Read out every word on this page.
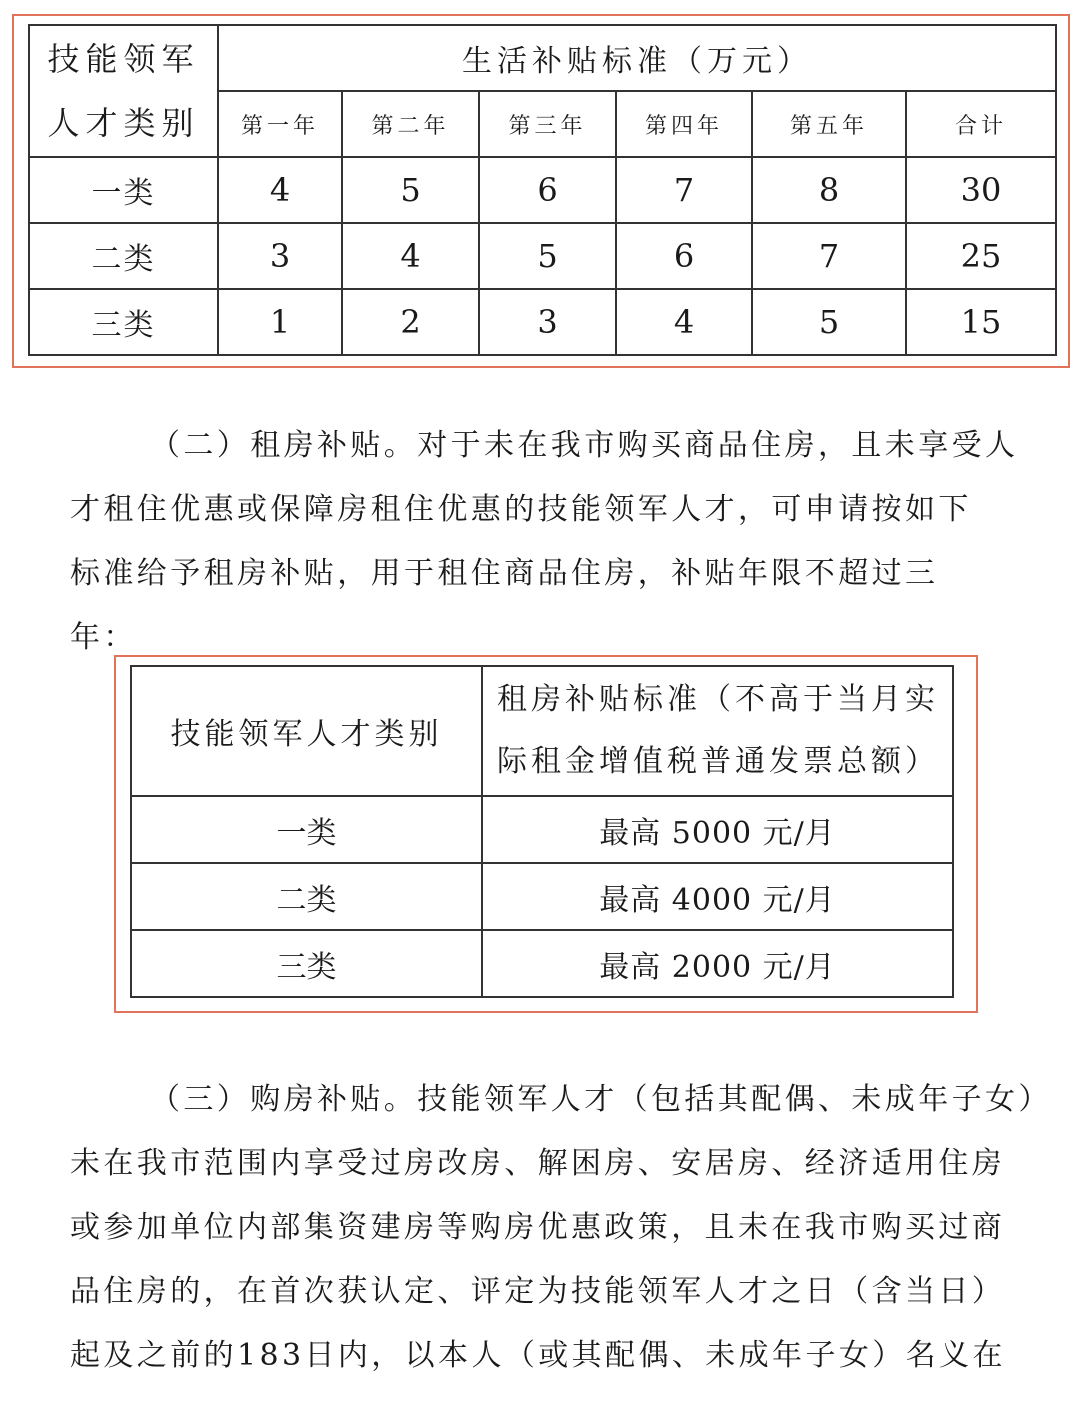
技能领军
人才类别	生活补贴标准（万元）					
	第一年	第二年	第三年	第四年	第五年	合计
一类	4	5	6	7	8	30
二类	3	4	5	6	7	25
三类	1	2	3	4	5	15
（二）租房补贴。对于未在我市购买商品住房，且未享受人
才租住优惠或保障房租住优惠的技能领军人才，可申请按如下
标准给予租房补贴，用于租住商品住房，补贴年限不超过三
年：
技能领军人才类别	租房补贴标准（不高于当月实
际租金增值税普通发票总额）
一类	最高 5000 元/月
二类	最高 4000 元/月
三类	最高 2000 元/月
（三）购房补贴。技能领军人才（包括其配偶、未成年子女）
未在我市范围内享受过房改房、解困房、安居房、经济适用住房
或参加单位内部集资建房等购房优惠政策，且未在我市购买过商
品住房的，在首次获认定、评定为技能领军人才之日（含当日）
起及之前的183日内，以本人（或其配偶、未成年子女）名义在
